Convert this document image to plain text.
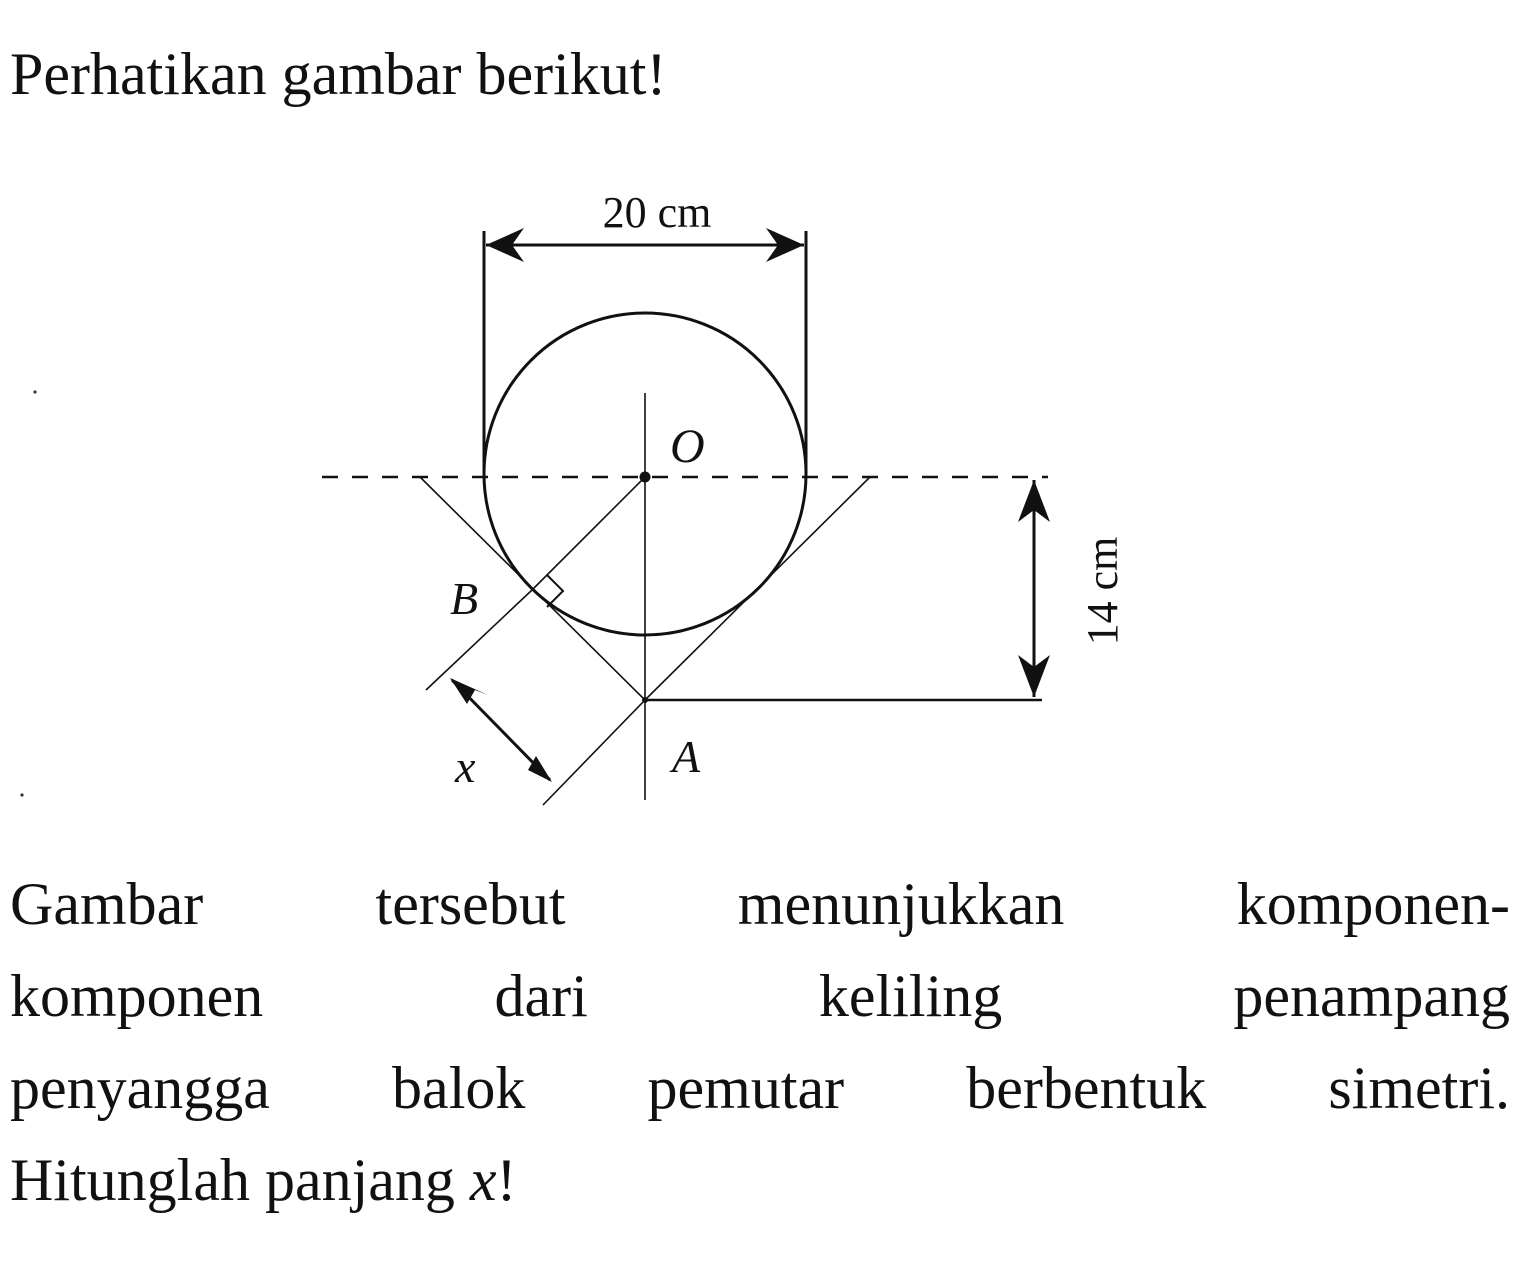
Perhatikan gambar berikut!
20 cm
14 cm
O
B
A
x
Gambar tersebut menunjukkan komponen-
komponen dari keliling penampang
penyangga balok pemutar berbentuk simetri.
Hitunglah panjang x!
